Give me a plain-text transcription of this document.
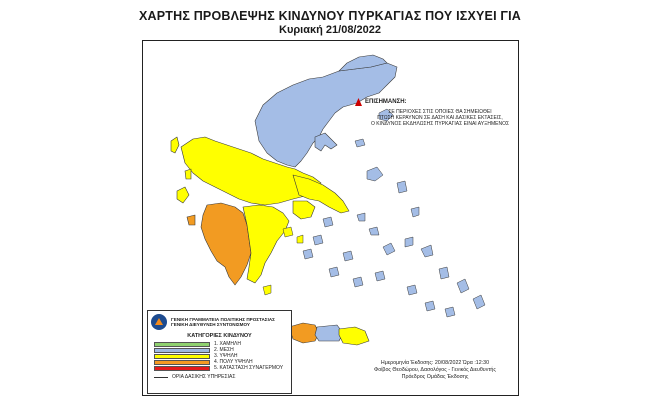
ΧΑΡΤΗΣ ΠΡΟΒΛΕΨΗΣ ΚΙΝΔΥΝΟΥ ΠΥΡΚΑΓΙΑΣ ΠΟΥ ΙΣΧΥΕΙ ΓΙΑ
Κυριακή 21/08/2022
ΕΠΙΣΗΜΑΝΣΗ:
ΣΕ ΠΕΡΙΟΧΕΣ ΣΤΙΣ ΟΠΟΙΕΣ ΘΑ ΣΗΜΕΙΩΘΕΙ
ΠΤΩΣΗ ΚΕΡΑΥΝΩΝ ΣΕ ΔΑΣΗ ΚΑΙ ΔΑΣΙΚΕΣ ΕΚΤΑΣΕΙΣ,
Ο ΚΙΝΔΥΝΟΣ ΕΚΔΗΛΩΣΗΣ ΠΥΡΚΑΓΙΑΣ ΕΙΝΑΙ ΑΥΞΗΜΕΝΟΣ
ΓΕΝΙΚΗ ΓΡΑΜΜΑΤΕΙΑ ΠΟΛΙΤΙΚΗΣ ΠΡΟΣΤΑΣΙΑΣ
ΓΕΝΙΚΗ ΔΙΕΥΘΥΝΣΗ ΣΥΝΤΟΝΙΣΜΟΥ
ΚΑΤΗΓΟΡΙΕΣ ΚΙΝΔΥΝΟΥ
1. ΧΑΜΗΛΗ
2. ΜΕΣΗ
3. ΥΨΗΛΗ
4. ΠΟΛΥ ΥΨΗΛΗ
5. ΚΑΤΑΣΤΑΣΗ ΣΥΝΑΓΕΡΜΟΥ
ΟΡΙΑ ΔΑΣΙΚΗΣ ΥΠΗΡΕΣΙΑΣ
Ημερομηνία Έκδοσης: 20/08/2022 Ώρα :12:30
Φοίβος Θεοδώρου, Δασολόγος - Γενικός Διευθυντής
Πρόεδρος Ομάδας Έκδοσης
